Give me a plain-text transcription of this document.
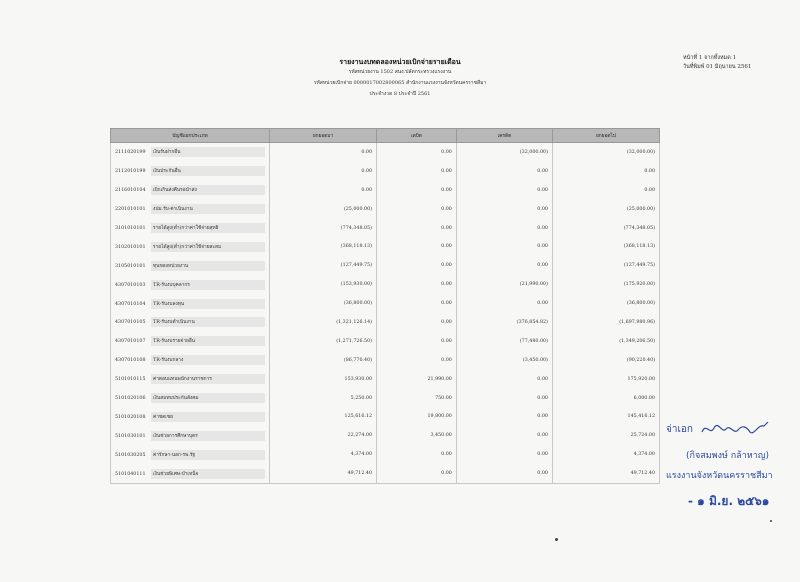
หน้าที่ 1 จากทั้งหมด 1
วันที่พิมพ์ 01 มิถุนายน 2561
รายงานงบทดลองหน่วยเบิกจ่ายรายเดือน
รหัสหน่วยงาน 1502 สนง.ปลัดกระทรวงแรงงาน
รหัสหน่วยเบิกจ่าย 0000017002800065 สำนักงานแรงงานจังหวัดนครราชสีมา
ประจำงวด 8 ประจำปี 2561
บัญชีแยกประเภท	ยกยอดมา	เดบิต	เครดิต	ยกยอดไป
2111020199 เงินรับฝากอื่น	0.00	0.00	(32,000.00)	(32,000.00)
2112010199 เงินประกันอื่น	0.00	0.00	0.00	0.00
2116010104 เบิกเกินส่งคืนรอนำส่ง	0.00	0.00	0.00	0.00
2201010101 งปม.รับ-ค่าเนินงาน	(25,000.00)	0.00	0.00	(25,000.00)
3101010101 รายได้สูง(ต่ำ)กว่าค่าใช้จ่ายสุทธิ	(774,348.05)	0.00	0.00	(774,348.05)
3102010101 รายได้สูง(ต่ำ)กว่าค่าใช้จ่ายสะสม	(368,118.13)	0.00	0.00	(368,118.13)
3105010101 ทุนของหน่วยงาน	(127,449.75)	0.00	0.00	(127,449.75)
4307010103 TR-รับงบบุคลากร	(153,930.00)	0.00	(21,990.00)	(175,920.00)
4307010104 TR-รับงบลงทุน	(36,800.00)	0.00	0.00	(36,800.00)
4307010105 TR-รับงบดำเนินงาน	(1,321,126.14)	0.00	(376,854.82)	(1,697,980.96)
4307010107 TR-รับงบรายจ่ายอื่น	(1,271,726.50)	0.00	(77,480.00)	(1,349,206.50)
4307010108 TR-รับงบกลาง	(86,770.40)	0.00	(3,450.00)	(90,220.40)
5101010115 ค่าตอบแทนพนักงานราชการ	153,930.00	21,990.00	0.00	175,920.00
5101020106 เงินสมทบประกันสังคม	5,250.00	750.00	0.00	6,000.00
5101020108 ค่าชดเชย	125,616.12	19,800.00	0.00	145,416.12
5101030101 เงินช่วยการศึกษาบุตร	22,274.00	3,450.00	0.00	25,724.00
5101030205 ค่ารักษา-นอก-รพ.รัฐ	4,374.00	0.00	0.00	4,374.00
5101040111 เงินช่วยพิเศษ-บำเหน็จ	49,712.40	0.00	0.00	49,712.40
จ่าเอก
(กิจสมพงษ์ กล้าหาญ)
แรงงานจังหวัดนครราชสีมา
- ๑ มิ.ย. ๒๕๖๑
